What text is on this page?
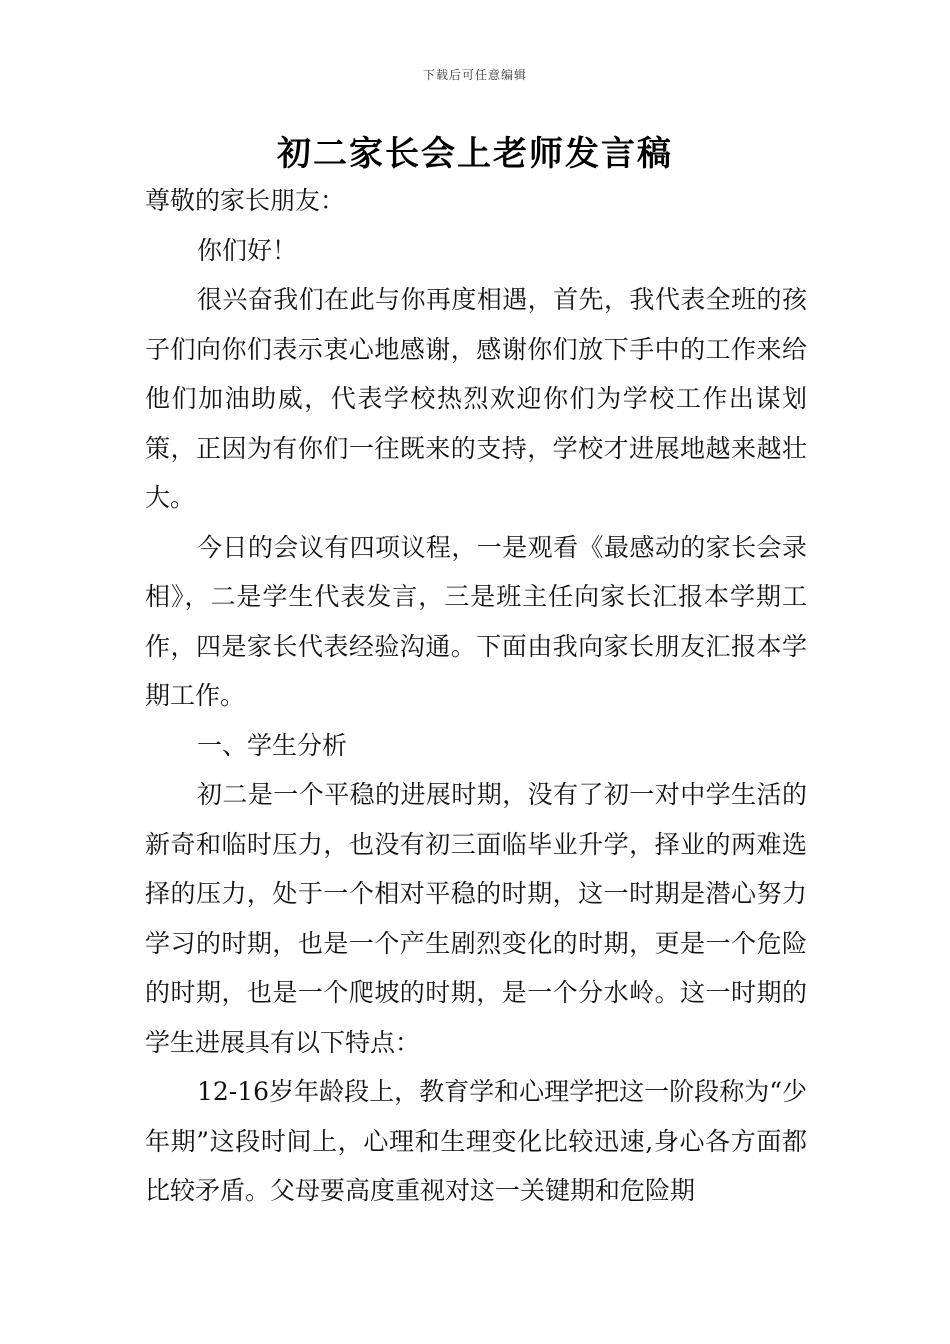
下载后可任意编辑
初二家长会上老师发言稿

尊敬的家长朋友：

你们好！

很兴奋我们在此与你再度相遇，首先，我代表全班的孩子们向你们表示衷心地感谢，感谢你们放下手中的工作来给他们加油助威，代表学校热烈欢迎你们为学校工作出谋划策，正因为有你们一往既来的支持，学校才进展地越来越壮大。

今日的会议有四项议程，一是观看《最感动的家长会录相》，二是学生代表发言，三是班主任向家长汇报本学期工作，四是家长代表经验沟通。下面由我向家长朋友汇报本学期工作。

一、学生分析

初二是一个平稳的进展时期，没有了初一对中学生活的新奇和临时压力，也没有初三面临毕业升学，择业的两难选择的压力，处于一个相对平稳的时期，这一时期是潜心努力学习的时期，也是一个产生剧烈变化的时期，更是一个危险的时期，也是一个爬坡的时期，是一个分水岭。这一时期的学生进展具有以下特点：

12-16岁年龄段上，教育学和心理学把这一阶段称为“少年期”这段时间上，心理和生理变化比较迅速,身心各方面都比较矛盾。父母要高度重视对这一关键期和危险期
